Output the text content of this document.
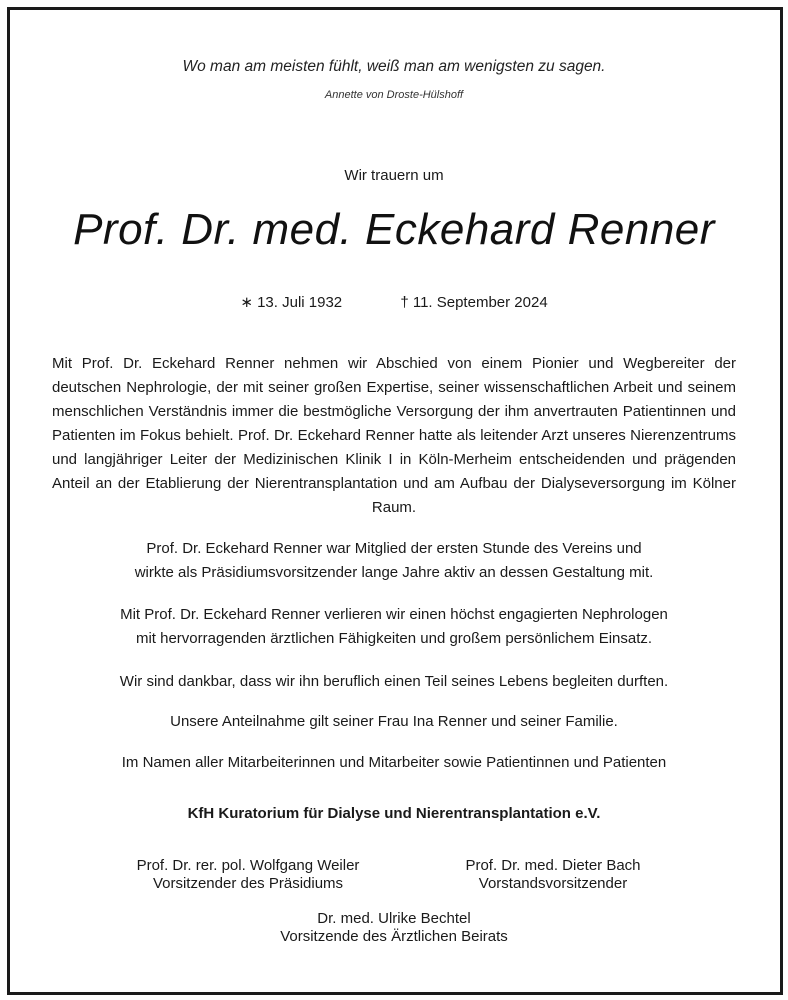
Wo man am meisten fühlt, weiß man am wenigsten zu sagen.
Annette von Droste-Hülshoff
Wir trauern um
Prof. Dr. med. Eckehard Renner
∗ 13. Juli 1932	† 11. September 2024
Mit Prof. Dr. Eckehard Renner nehmen wir Abschied von einem Pionier und Wegbereiter der deutschen Nephrologie, der mit seiner großen Expertise, seiner wissenschaftlichen Arbeit und seinem menschlichen Verständnis immer die bestmögliche Versorgung der ihm anvertrauten Patientinnen und Patienten im Fokus behielt. Prof. Dr. Eckehard Renner hatte als leitender Arzt unseres Nierenzentrums und langjähriger Leiter der Medizinischen Klinik I in Köln-Merheim entscheidenden und prägenden Anteil an der Etablierung der Nierentransplantation und am Aufbau der Dialyseversorgung im Kölner Raum.
Prof. Dr. Eckehard Renner war Mitglied der ersten Stunde des Vereins und
wirkte als Präsidiumsvorsitzender lange Jahre aktiv an dessen Gestaltung mit.
Mit Prof. Dr. Eckehard Renner verlieren wir einen höchst engagierten Nephrologen
mit hervorragenden ärztlichen Fähigkeiten und großem persönlichem Einsatz.
Wir sind dankbar, dass wir ihn beruflich einen Teil seines Lebens begleiten durften.
Unsere Anteilnahme gilt seiner Frau Ina Renner und seiner Familie.
Im Namen aller Mitarbeiterinnen und Mitarbeiter sowie Patientinnen und Patienten
KfH Kuratorium für Dialyse und Nierentransplantation e.V.
Prof. Dr. rer. pol. Wolfgang Weiler
Vorsitzender des Präsidiums
Prof. Dr. med. Dieter Bach
Vorstandsvorsitzender
Dr. med. Ulrike Bechtel
Vorsitzende des Ärztlichen Beirats
